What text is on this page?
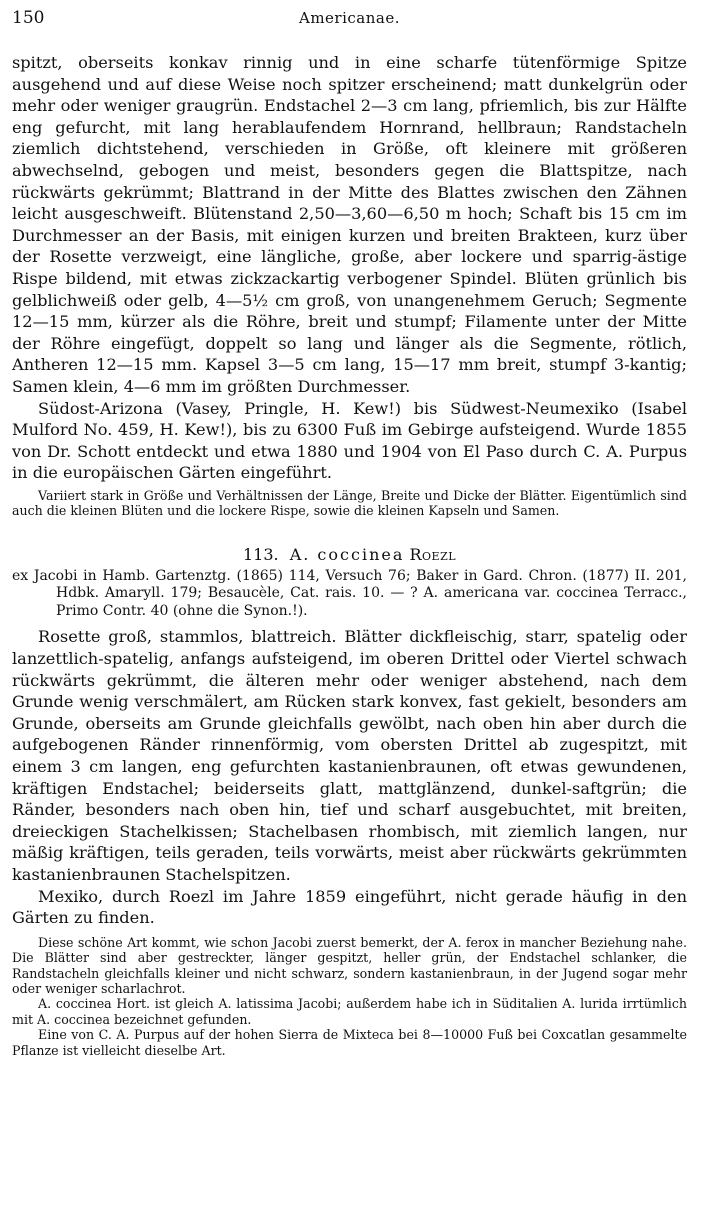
150	Americanae.

spitzt, oberseits konkav rinnig und in eine scharfe tütenförmige Spitze ausgehend und auf diese Weise noch spitzer erscheinend; matt dunkelgrün oder mehr oder weniger graugrün. Endstachel 2—3 cm lang, pfriemlich, bis zur Hälfte eng gefurcht, mit lang herablaufendem Hornrand, hellbraun; Randstacheln ziemlich dichtstehend, verschieden in Größe, oft kleinere mit größeren abwechselnd, gebogen und meist, besonders gegen die Blattspitze, nach rückwärts gekrümmt; Blattrand in der Mitte des Blattes zwischen den Zähnen leicht ausgeschweift. Blütenstand 2,50—3,60—6,50 m hoch; Schaft bis 15 cm im Durchmesser an der Basis, mit einigen kurzen und breiten Brakteen, kurz über der Rosette verzweigt, eine längliche, große, aber lockere und sparrig-ästige Rispe bildend, mit etwas zickzackartig verbogener Spindel. Blüten grünlich bis gelblichweiß oder gelb, 4—5½ cm groß, von unangenehmem Geruch; Segmente 12—15 mm, kürzer als die Röhre, breit und stumpf; Filamente unter der Mitte der Röhre eingefügt, doppelt so lang und länger als die Segmente, rötlich, Antheren 12—15 mm. Kapsel 3—5 cm lang, 15—17 mm breit, stumpf 3-kantig; Samen klein, 4—6 mm im größten Durchmesser.

Südost-Arizona (Vasey, Pringle, H. Kew!) bis Südwest-Neumexiko (Isabel Mulford No. 459, H. Kew!), bis zu 6300 Fuß im Gebirge aufsteigend. Wurde 1855 von Dr. Schott entdeckt und etwa 1880 und 1904 von El Paso durch C. A. Purpus in die europäischen Gärten eingeführt.

Variiert stark in Größe und Verhältnissen der Länge, Breite und Dicke der Blätter. Eigentümlich sind auch die kleinen Blüten und die lockere Rispe, sowie die kleinen Kapseln und Samen.

113. A. coccinea Roezl

ex Jacobi in Hamb. Gartenztg. (1865) 114, Versuch 76; Baker in Gard. Chron. (1877) II. 201, Hdbk. Amaryll. 179; Besaucèle, Cat. rais. 10. — ? A. americana var. coccinea Terracc., Primo Contr. 40 (ohne die Synon.!).

Rosette groß, stammlos, blattreich. Blätter dickfleischig, starr, spatelig oder lanzettlich-spatelig, anfangs aufsteigend, im oberen Drittel oder Viertel schwach rückwärts gekrümmt, die älteren mehr oder weniger abstehend, nach dem Grunde wenig verschmälert, am Rücken stark konvex, fast gekielt, besonders am Grunde, oberseits am Grunde gleichfalls gewölbt, nach oben hin aber durch die aufgebogenen Ränder rinnenförmig, vom obersten Drittel ab zugespitzt, mit einem 3 cm langen, eng gefurchten kastanienbraunen, oft etwas gewundenen, kräftigen Endstachel; beiderseits glatt, mattglänzend, dunkel-saftgrün; die Ränder, besonders nach oben hin, tief und scharf ausgebuchtet, mit breiten, dreieckigen Stachelkissen; Stachelbasen rhombisch, mit ziemlich langen, nur mäßig kräftigen, teils geraden, teils vorwärts, meist aber rückwärts gekrümmten kastanienbraunen Stachelspitzen.

Mexiko, durch Roezl im Jahre 1859 eingeführt, nicht gerade häufig in den Gärten zu finden.

Diese schöne Art kommt, wie schon Jacobi zuerst bemerkt, der A. ferox in mancher Beziehung nahe. Die Blätter sind aber gestreckter, länger gespitzt, heller grün, der Endstachel schlanker, die Randstacheln gleichfalls kleiner und nicht schwarz, sondern kastanienbraun, in der Jugend sogar mehr oder weniger scharlachrot.

A. coccinea Hort. ist gleich A. latissima Jacobi; außerdem habe ich in Süditalien A. lurida irrtümlich mit A. coccinea bezeichnet gefunden.

Eine von C. A. Purpus auf der hohen Sierra de Mixteca bei 8—10000 Fuß bei Coxcatlan gesammelte Pflanze ist vielleicht dieselbe Art.
